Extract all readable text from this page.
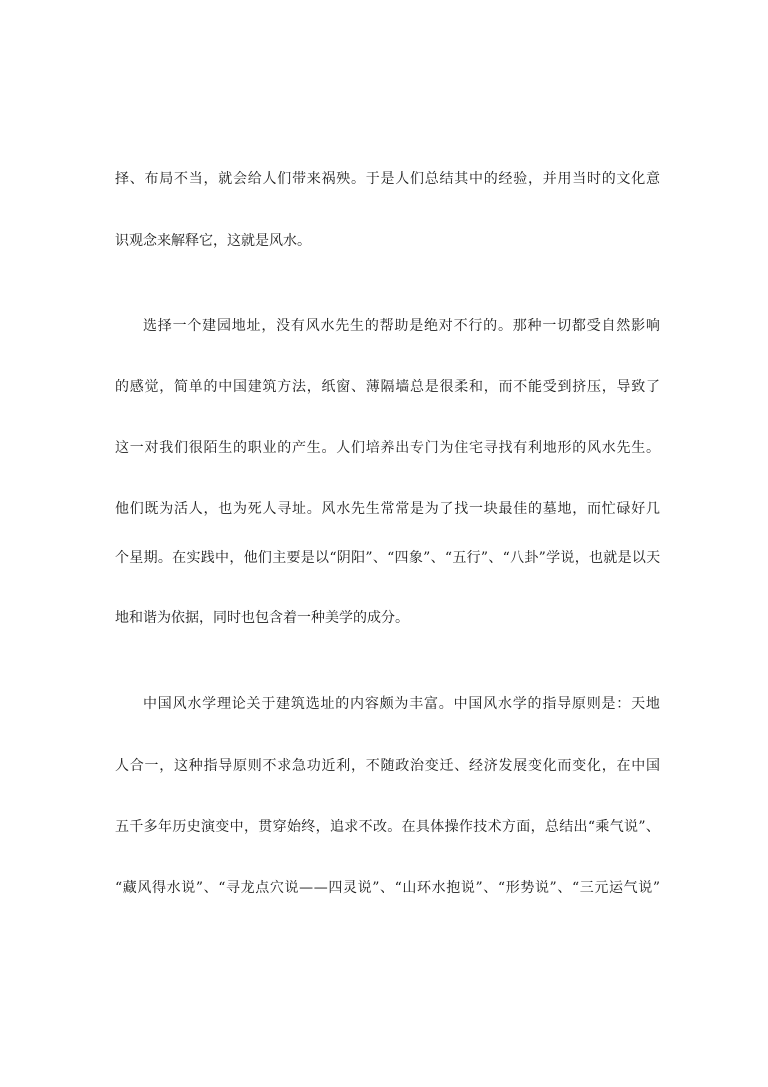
择、布局不当，就会给人们带来祸殃。于是人们总结其中的经验，并用当时的文化意
识观念来解释它，这就是风水。
选择一个建园地址，没有风水先生的帮助是绝对不行的。那种一切都受自然影响
的感觉，简单的中国建筑方法，纸窗、薄隔墙总是很柔和，而不能受到挤压，导致了
这一对我们很陌生的职业的产生。人们培养出专门为住宅寻找有利地形的风水先生。
他们既为活人，也为死人寻址。风水先生常常是为了找一块最佳的墓地，而忙碌好几
个星期。在实践中，他们主要是以“阴阳”、“四象”、“五行”、“八卦”学说，也就是以天
地和谐为依据，同时也包含着一种美学的成分。
中国风水学理论关于建筑选址的内容颇为丰富。中国风水学的指导原则是：天地
人合一，这种指导原则不求急功近利，不随政治变迁、经济发展变化而变化，在中国
五千多年历史演变中，贯穿始终，追求不改。在具体操作技术方面，总结出“乘气说”、
“藏风得水说”、“寻龙点穴说——四灵说”、“山环水抱说”、“形势说”、“三元运气说”
